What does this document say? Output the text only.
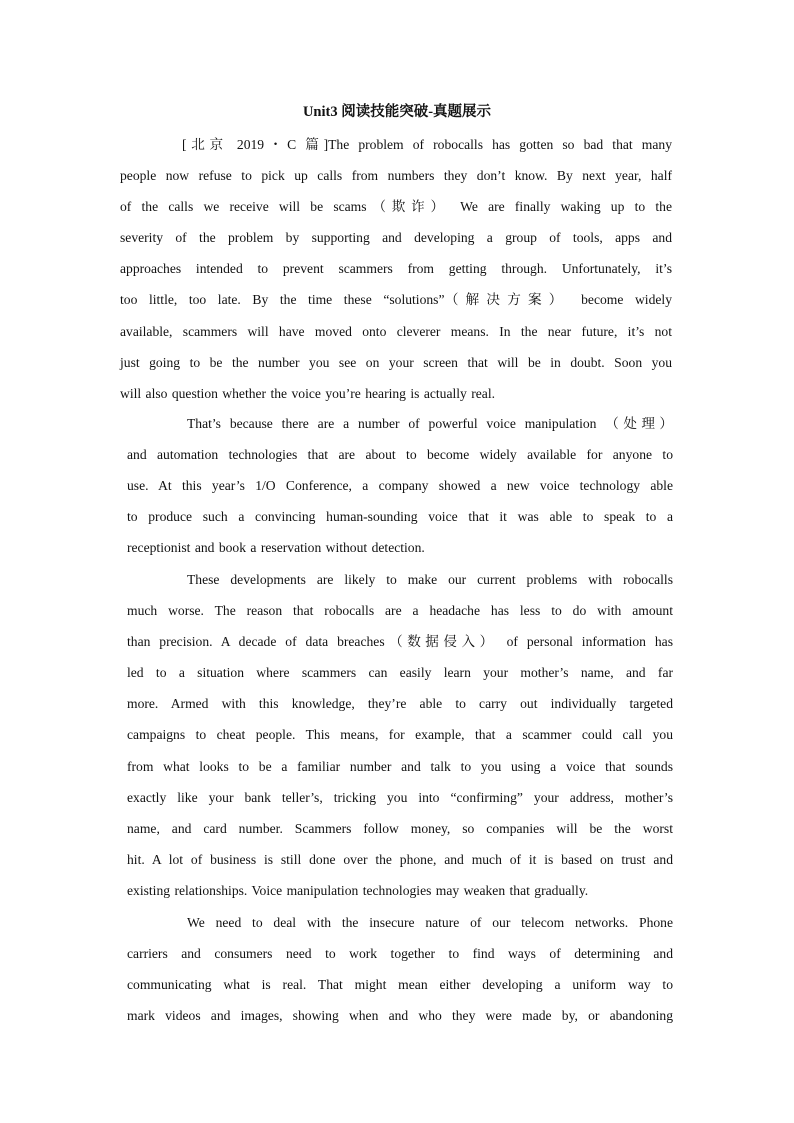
Unit3 阅读技能突破-真题展示
[北京 2019・C 篇]The problem of robocalls has gotten so bad that many
people now refuse to pick up calls from numbers they don’t know. By next year, half
of the calls we receive will be scams（欺诈） We are finally waking up to the
severity of the problem by supporting and developing a group of tools, apps and
approaches intended to prevent scammers from getting through. Unfortunately, it’s
too little, too late. By the time these “solutions”（解决方案） become widely
available, scammers will have moved onto cleverer means. In the near future, it’s not
just going to be the number you see on your screen that will be in doubt. Soon you
will also question whether the voice you’re hearing is actually real.
That’s because there are a number of powerful voice manipulation （处理）
and automation technologies that are about to become widely available for anyone to
use. At this year’s 1/O Conference, a company showed a new voice technology able
to produce such a convincing human-sounding voice that it was able to speak to a
receptionist and book a reservation without detection.
These developments are likely to make our current problems with robocalls
much worse. The reason that robocalls are a headache has less to do with amount
than precision. A decade of data breaches（数据侵入） of personal information has
led to a situation where scammers can easily learn your mother’s name, and far
more. Armed with this knowledge, they’re able to carry out individually targeted
campaigns to cheat people. This means, for example, that a scammer could call you
from what looks to be a familiar number and talk to you using a voice that sounds
exactly like your bank teller’s, tricking you into “confirming” your address, mother’s
name, and card number. Scammers follow money, so companies will be the worst
hit. A lot of business is still done over the phone, and much of it is based on trust and
existing relationships. Voice manipulation technologies may weaken that gradually.
We need to deal with the insecure nature of our telecom networks. Phone
carriers and consumers need to work together to find ways of determining and
communicating what is real. That might mean either developing a uniform way to
mark videos and images, showing when and who they were made by, or abandoning
